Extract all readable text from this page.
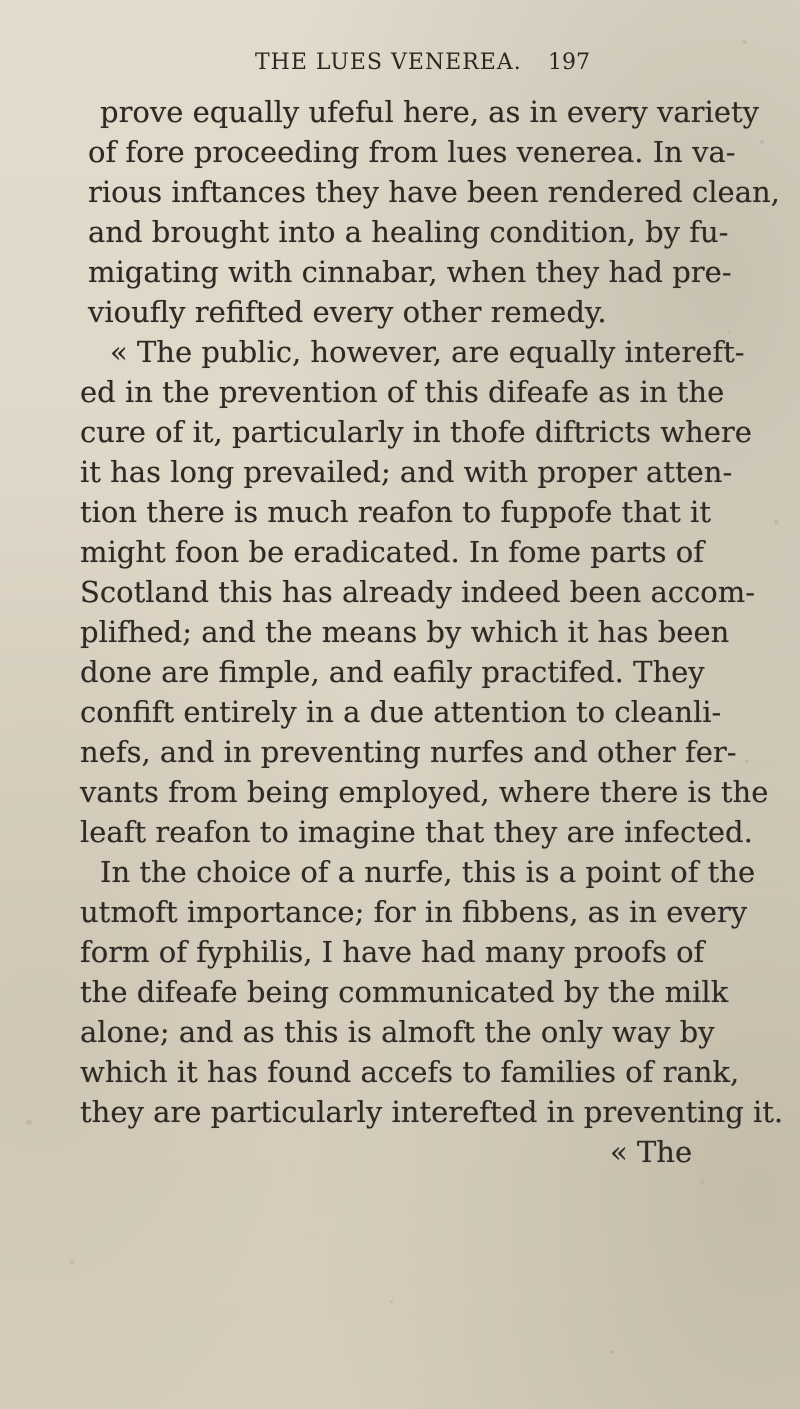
THE LUES VENEREA. 197
prove equally ufeful here, as in every variety
of fore proceeding from lues venerea. In va-
rious inftances they have been rendered clean,
and brought into a healing condition, by fu-
migating with cinnabar, when they had pre-
vioufly refifted every other remedy.
« The public, however, are equally intereft-
ed in the prevention of this difeafe as in the
cure of it, particularly in thofe diftricts where
it has long prevailed; and with proper atten-
tion there is much reafon to fuppofe that it
might foon be eradicated. In fome parts of
Scotland this has already indeed been accom-
plifhed; and the means by which it has been
done are fimple, and eafily practifed. They
confift entirely in a due attention to cleanli-
nefs, and in preventing nurfes and other fer-
vants from being employed, where there is the
leaft reafon to imagine that they are infected.
In the choice of a nurfe, this is a point of the
utmoft importance; for in fibbens, as in every
form of fyphilis, I have had many proofs of
the difeafe being communicated by the milk
alone; and as this is almoft the only way by
which it has found accefs to families of rank,
they are particularly interefted in preventing it.
« The
